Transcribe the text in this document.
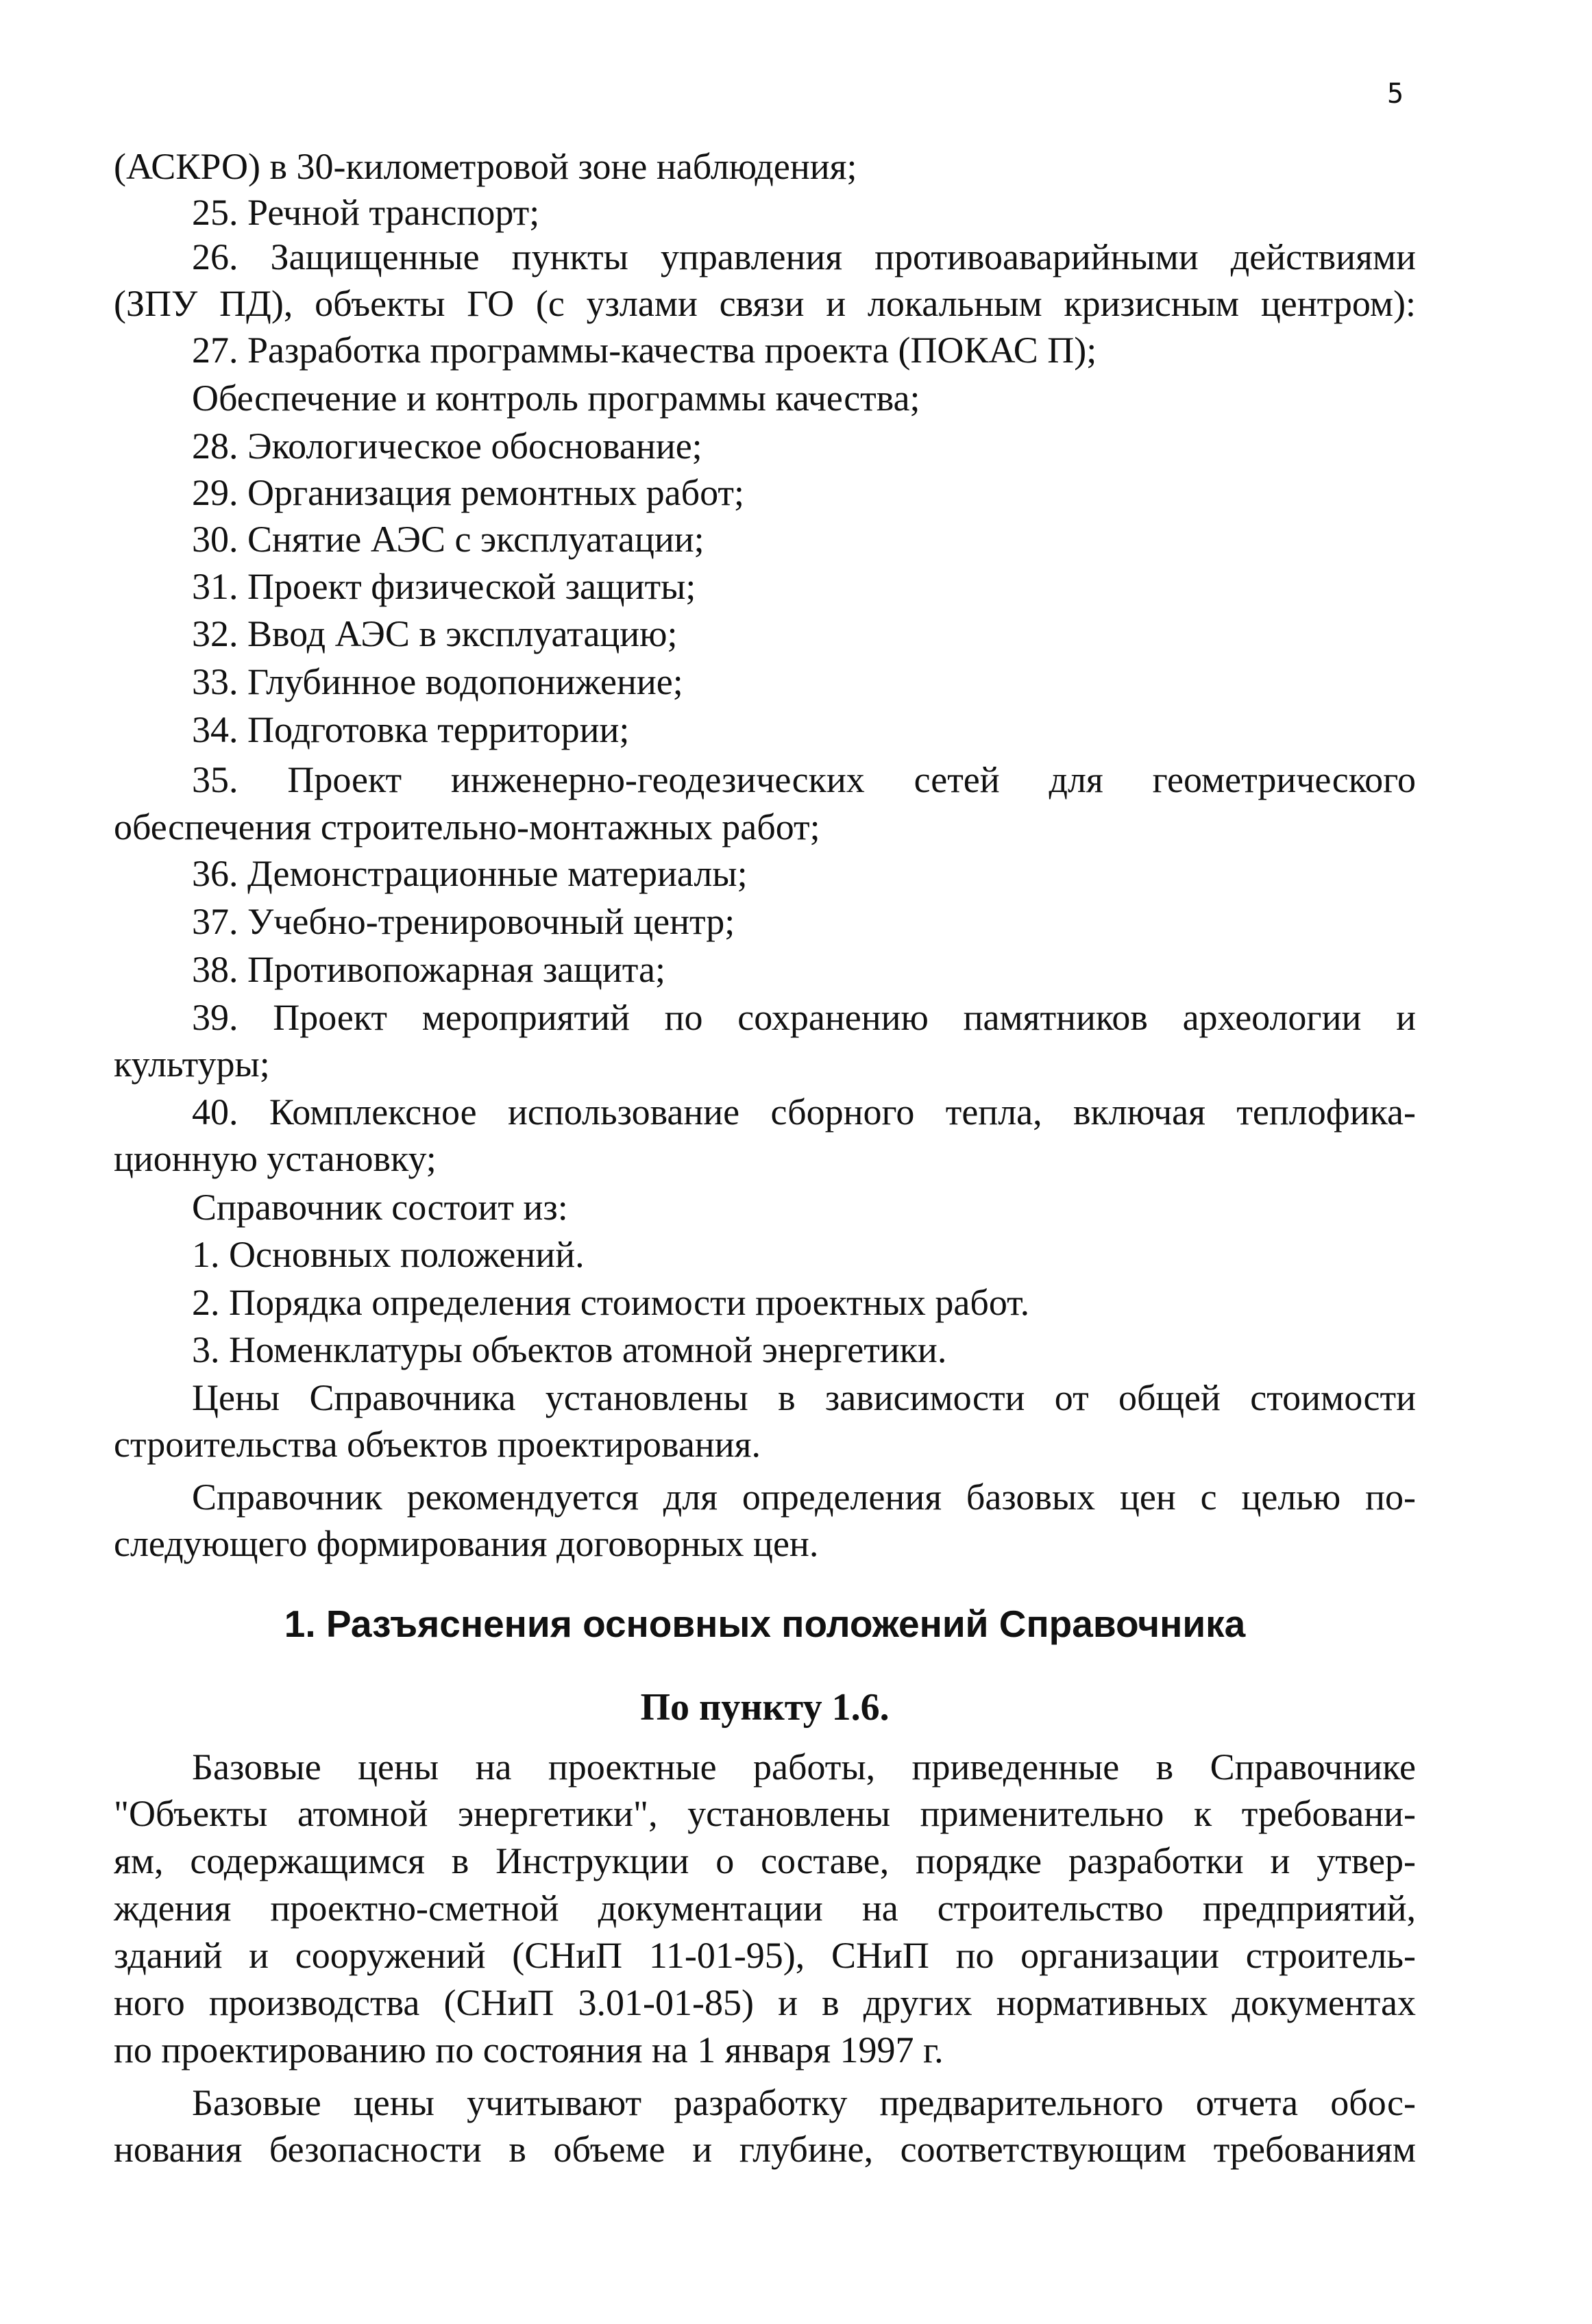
5
(АСКРО) в 30-километровой зоне наблюдения;
25. Речной транспорт;
26. Защищенные пункты управления противоаварийными действиями
(ЗПУ ПД), объекты ГО (с узлами связи и локальным кризисным центром):
27. Разработка программы-качества проекта (ПОКАС П);
Обеспечение и контроль программы качества;
28. Экологическое обоснование;
29. Организация ремонтных работ;
30. Снятие АЭС с эксплуатации;
31. Проект физической защиты;
32. Ввод АЭС в эксплуатацию;
33. Глубинное водопонижение;
34. Подготовка территории;
35. Проект инженерно-геодезических сетей для геометрического
обеспечения строительно-монтажных работ;
36. Демонстрационные материалы;
37. Учебно-тренировочный центр;
38. Противопожарная защита;
39. Проект мероприятий по сохранению памятников археологии и
культуры;
40. Комплексное использование сборного тепла, включая теплофика-
ционную установку;
Справочник состоит из:
1. Основных положений.
2. Порядка определения стоимости проектных работ.
3. Номенклатуры объектов атомной энергетики.
Цены Справочника установлены в зависимости от общей стоимости
строительства объектов проектирования.
Справочник рекомендуется для определения базовых цен с целью по-
следующего формирования договорных цен.
1. Разъяснения основных положений Справочника
По пункту 1.6.
Базовые цены на проектные работы, приведенные в Справочнике
"Объекты атомной энергетики", установлены применительно к требовани-
ям, содержащимся в Инструкции о составе, порядке разработки и утвер-
ждения проектно-сметной документации на строительство предприятий,
зданий и сооружений (СНиП 11-01-95), СНиП по организации строитель-
ного производства (СНиП 3.01-01-85) и в других нормативных документах
по проектированию по состояния на 1 января 1997 г.
Базовые цены учитывают разработку предварительного отчета обос-
нования безопасности в объеме и глубине, соответствующим требованиям
